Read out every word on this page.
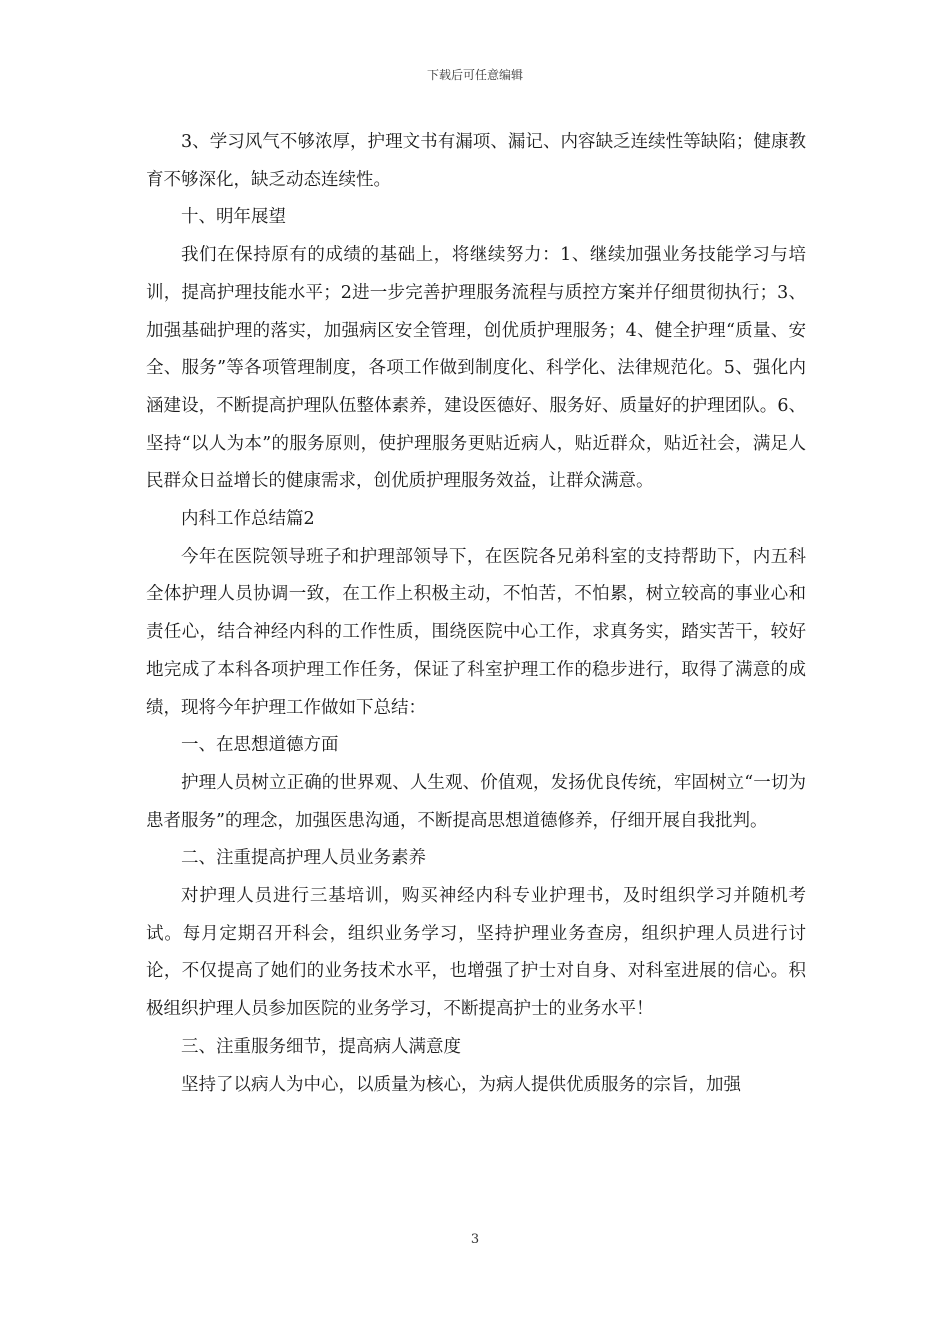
下载后可任意编辑

3、学习风气不够浓厚，护理文书有漏项、漏记、内容缺乏连续性等缺陷；健康教育不够深化，缺乏动态连续性。

十、明年展望

我们在保持原有的成绩的基础上，将继续努力：1、继续加强业务技能学习与培训，提高护理技能水平；2进一步完善护理服务流程与质控方案并仔细贯彻执行；3、加强基础护理的落实，加强病区安全管理，创优质护理服务；4、健全护理“质量、安全、服务”等各项管理制度，各项工作做到制度化、科学化、法律规范化。5、强化内涵建设，不断提高护理队伍整体素养，建设医德好、服务好、质量好的护理团队。6、坚持“以人为本”的服务原则，使护理服务更贴近病人，贴近群众，贴近社会，满足人民群众日益增长的健康需求，创优质护理服务效益，让群众满意。

内科工作总结篇2

今年在医院领导班子和护理部领导下，在医院各兄弟科室的支持帮助下，内五科全体护理人员协调一致，在工作上积极主动，不怕苦，不怕累，树立较高的事业心和责任心，结合神经内科的工作性质，围绕医院中心工作，求真务实，踏实苦干，较好地完成了本科各项护理工作任务，保证了科室护理工作的稳步进行，取得了满意的成绩，现将今年护理工作做如下总结：

一、在思想道德方面

护理人员树立正确的世界观、人生观、价值观，发扬优良传统，牢固树立“一切为患者服务”的理念，加强医患沟通，不断提高思想道德修养，仔细开展自我批判。

二、注重提高护理人员业务素养

对护理人员进行三基培训，购买神经内科专业护理书，及时组织学习并随机考试。每月定期召开科会，组织业务学习，坚持护理业务查房，组织护理人员进行讨论，不仅提高了她们的业务技术水平，也增强了护士对自身、对科室进展的信心。积极组织护理人员参加医院的业务学习，不断提高护士的业务水平！

三、注重服务细节，提高病人满意度

坚持了以病人为中心，以质量为核心，为病人提供优质服务的宗旨，加强

3
